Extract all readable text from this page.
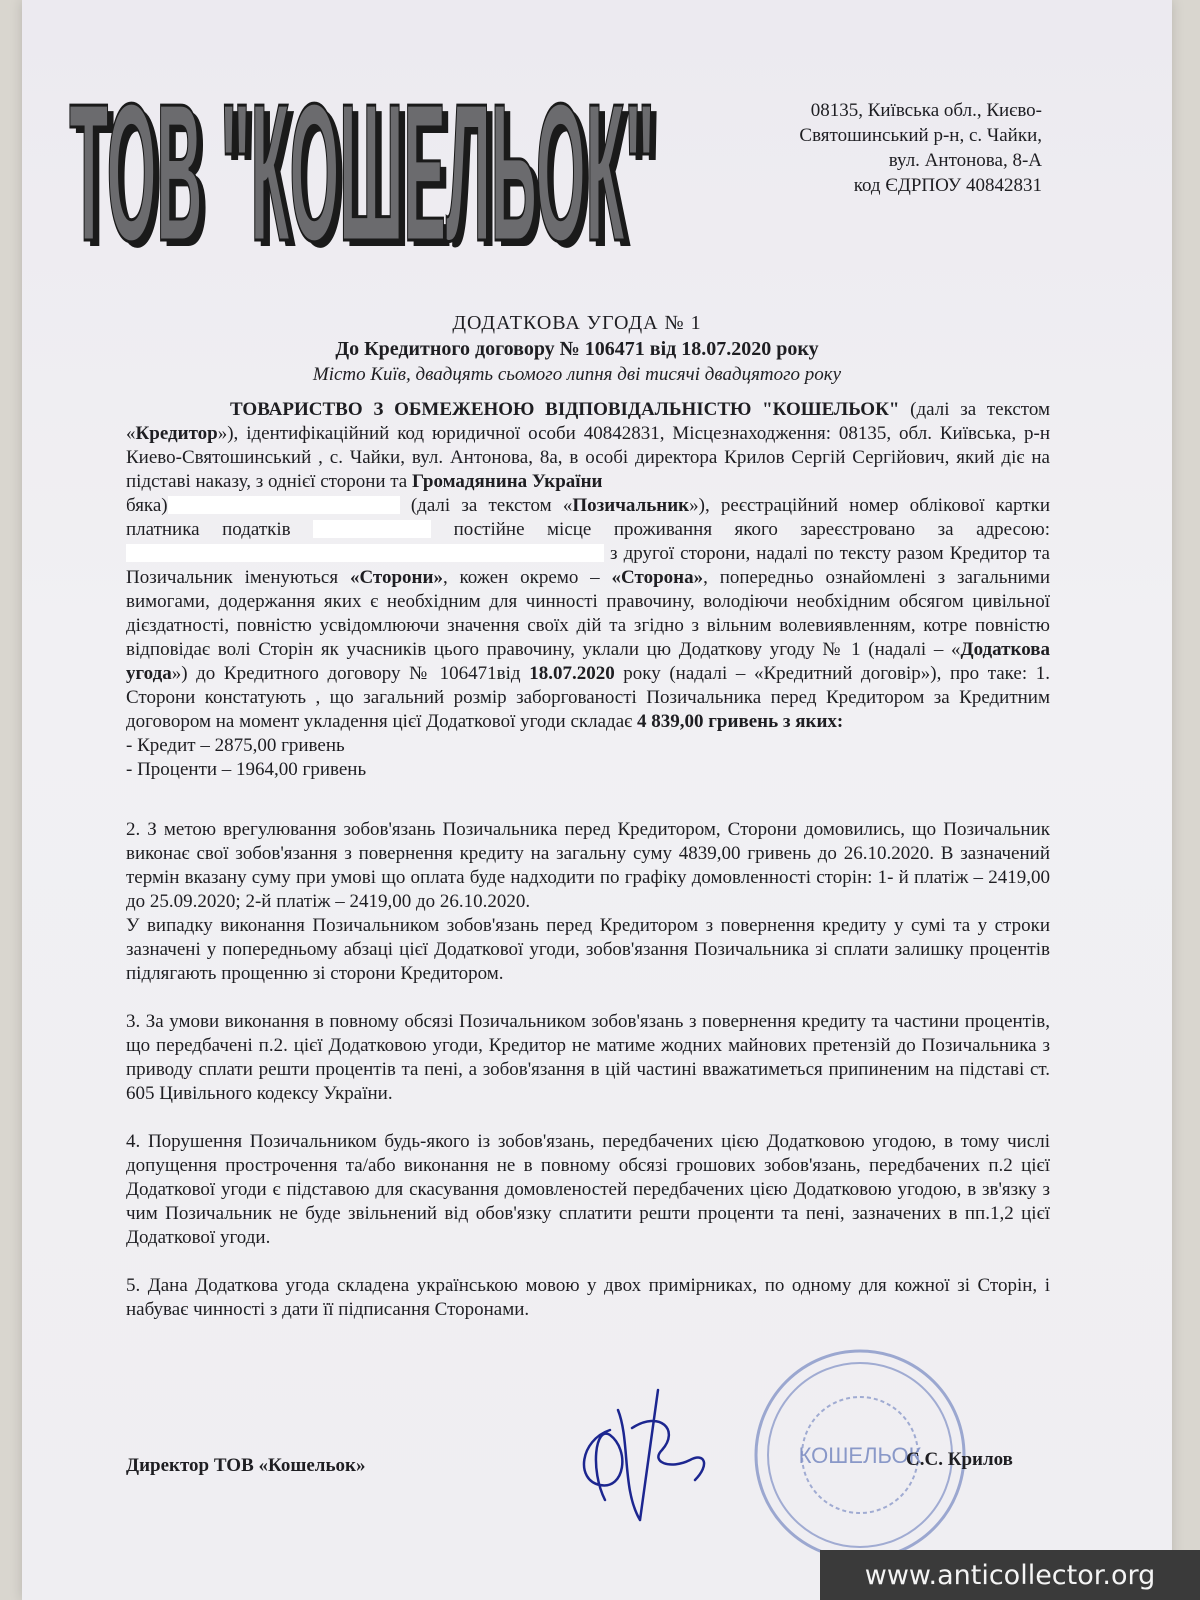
ТОВ "КОШЕЛЬОК"
ТОВ "КОШЕЛЬОК"	08135, Київська обл., Києво-
Святошинський р-н, с. Чайки,
вул. Антонова, 8-А
код ЄДРПОУ 40842831
ДОДАТКОВА УГОДА № 1
До Кредитного договору № 106471 від 18.07.2020 року
Місто Київ, двадцять сьомого липня дві тисячі двадцятого року

ТОВАРИСТВО З ОБМЕЖЕНОЮ ВІДПОВІДАЛЬНІСТЮ "КОШЕЛЬОК" (далі за текстом «Кредитор»), ідентифікаційний код юридичної особи 40842831, Місцезнаходження: 08135, обл. Київська, р-н Киево-Святошинський , с. Чайки, вул. Антонова, 8а, в особі директора Крилов Сергій Сергійович, який діє на підставі наказу, з однієї сторони та Громадянина України
бяка)	(далі за текстом «Позичальник»), реєстраційний номер облікової картки платника податків	постійне місце проживання якого зареєстровано за адресою:  з другої сторони, надалі по тексту разом Кредитор та Позичальник іменуються «Сторони», кожен окремо – «Сторона», попередньо ознайомлені з загальними вимогами, додержання яких є необхідним для чинності правочину, володіючи необхідним обсягом цивільної дієздатності, повністю усвідомлюючи значення своїх дій та згідно з вільним волевиявленням, котре повністю відповідає волі Сторін як учасників цього правочину, уклали цю Додаткову угоду № 1 (надалі – «Додаткова угода») до Кредитного договору № 106471від 18.07.2020 року (надалі – «Кредитний договір»), про таке: 1. Сторони констатують , що загальний розмір заборгованості Позичальника перед Кредитором за Кредитним договором на момент укладення цієї Додаткової угоди складає 4 839,00 гривень з яких:

- Кредит – 2875,00 гривень

- Проценти – 1964,00 гривень

2. З метою врегулювання зобов'язань Позичальника перед Кредитором, Сторони домовились, що Позичальник виконає свої зобов'язання з повернення кредиту на загальну суму 4839,00 гривень до 26.10.2020. В зазначений термін вказану суму при умові що оплата буде надходити по графіку домовленності сторін: 1- й платіж – 2419,00 до 25.09.2020; 2-й платіж – 2419,00 до 26.10.2020.

У випадку виконання Позичальником зобов'язань перед Кредитором з повернення кредиту у сумі та у строки зазначені у попередньому абзаці цієї Додаткової угоди, зобов'язання Позичальника зі сплати залишку процентів підлягають прощенню зі сторони Кредитором.

3. За умови виконання в повному обсязі Позичальником зобов'язань з повернення кредиту та частини процентів, що передбачені п.2. цієї Додатковою угоди, Кредитор не матиме жодних майнових претензій до Позичальника з приводу сплати решти процентів та пені, а зобов'язання в цій частині вважатиметься припиненим на підставі ст. 605 Цивільного кодексу України.

4. Порушення Позичальником будь-якого із зобов'язань, передбачених цією Додатковою угодою, в тому числі допущення прострочення та/або виконання не в повному обсязі грошових зобов'язань, передбачених п.2 цієї Додаткової угоди є підставою для скасування домовленостей передбачених цією Додатковою угодою, в зв'язку з чим Позичальник не буде звільнений від обов'язку сплатити решти проценти та пені, зазначених в пп.1,2 цієї Додаткової угоди.

5. Дана Додаткова угода складена українською мовою у двох примірниках, по одному для кожної зі Сторін, і набуває чинності з дати її підписання Сторонами.

КОШЕЛЬОК
Директор ТОВ «Кошельок»	С.С. Крилов
www.anticollector.org
